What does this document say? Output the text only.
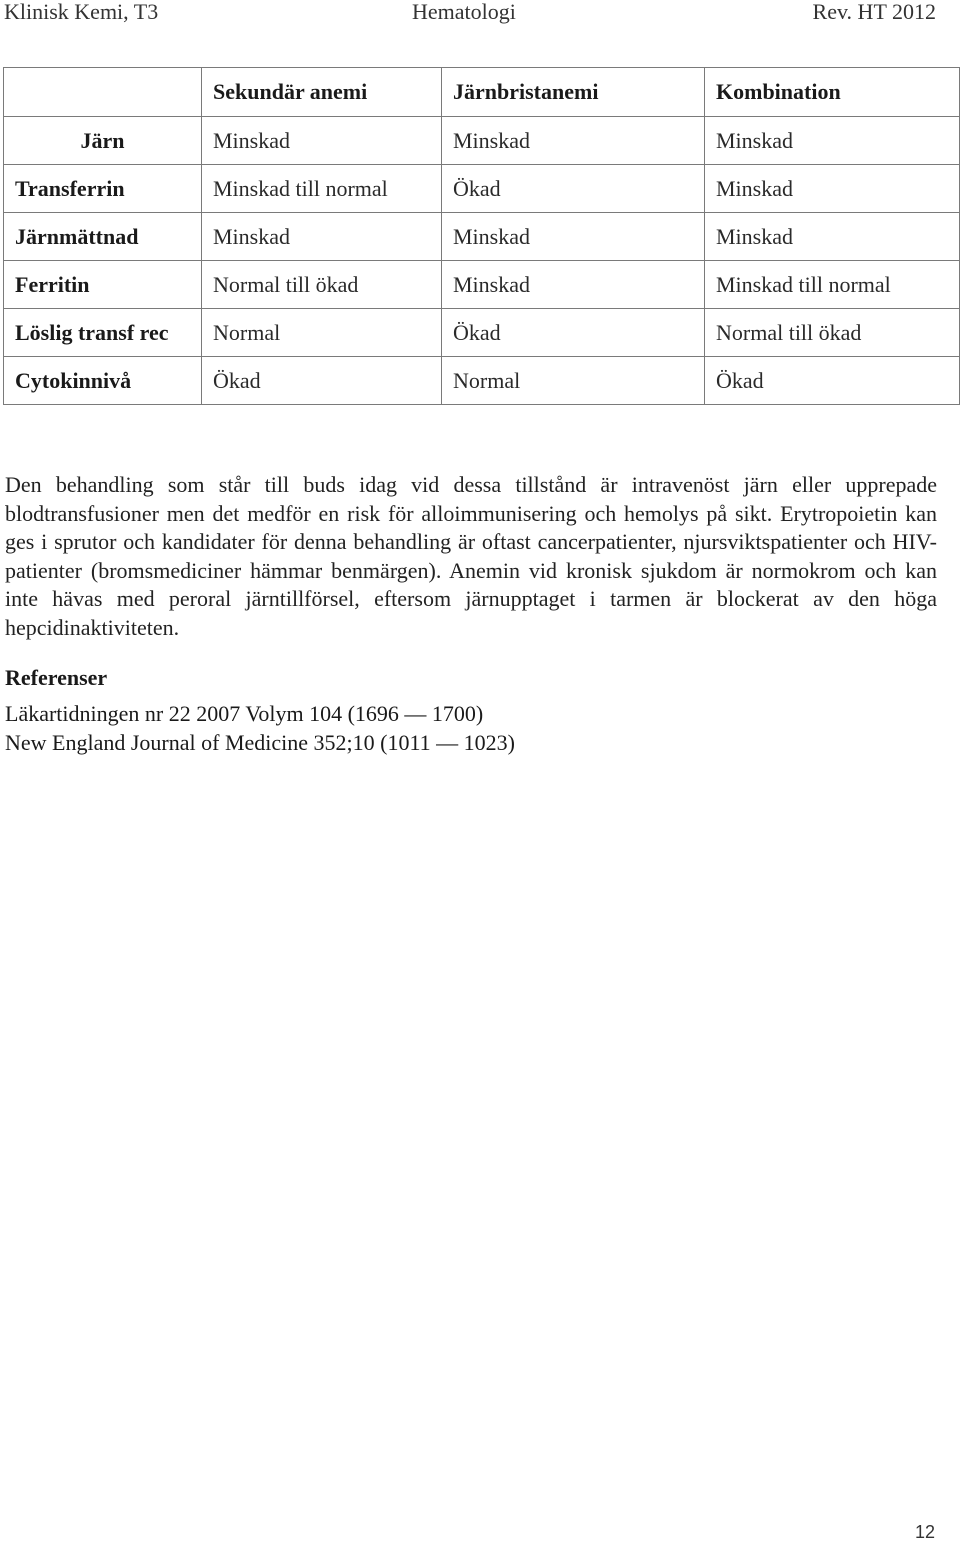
Klinisk Kemi, T3	Hematologi	Rev. HT 2012
	Sekundär anemi	Järnbristanemi	Kombination
Järn	Minskad	Minskad	Minskad
Transferrin	Minskad till normal	Ökad	Minskad
Järnmättnad	Minskad	Minskad	Minskad
Ferritin	Normal till ökad	Minskad	Minskad till normal
Löslig transf rec	Normal	Ökad	Normal till ökad
Cytokinnivå	Ökad	Normal	Ökad

Den behandling som står till buds idag vid dessa tillstånd är intravenöst järn eller upprepade blodtransfusioner men det medför en risk för alloimmunisering och hemolys på sikt. Erytropoietin kan ges i sprutor och kandidater för denna behandling är oftast cancerpatienter, njursviktspatienter och HIV-patienter (bromsmediciner hämmar benmärgen). Anemin vid kronisk sjukdom är normokrom och kan inte hävas med peroral järntillförsel, eftersom järnupptaget i tarmen är blockerat av den höga hepcidinaktiviteten.

Referenser

Läkartidningen nr 22 2007 Volym 104 (1696 — 1700)

New England Journal of Medicine 352;10 (1011 — 1023)

12
